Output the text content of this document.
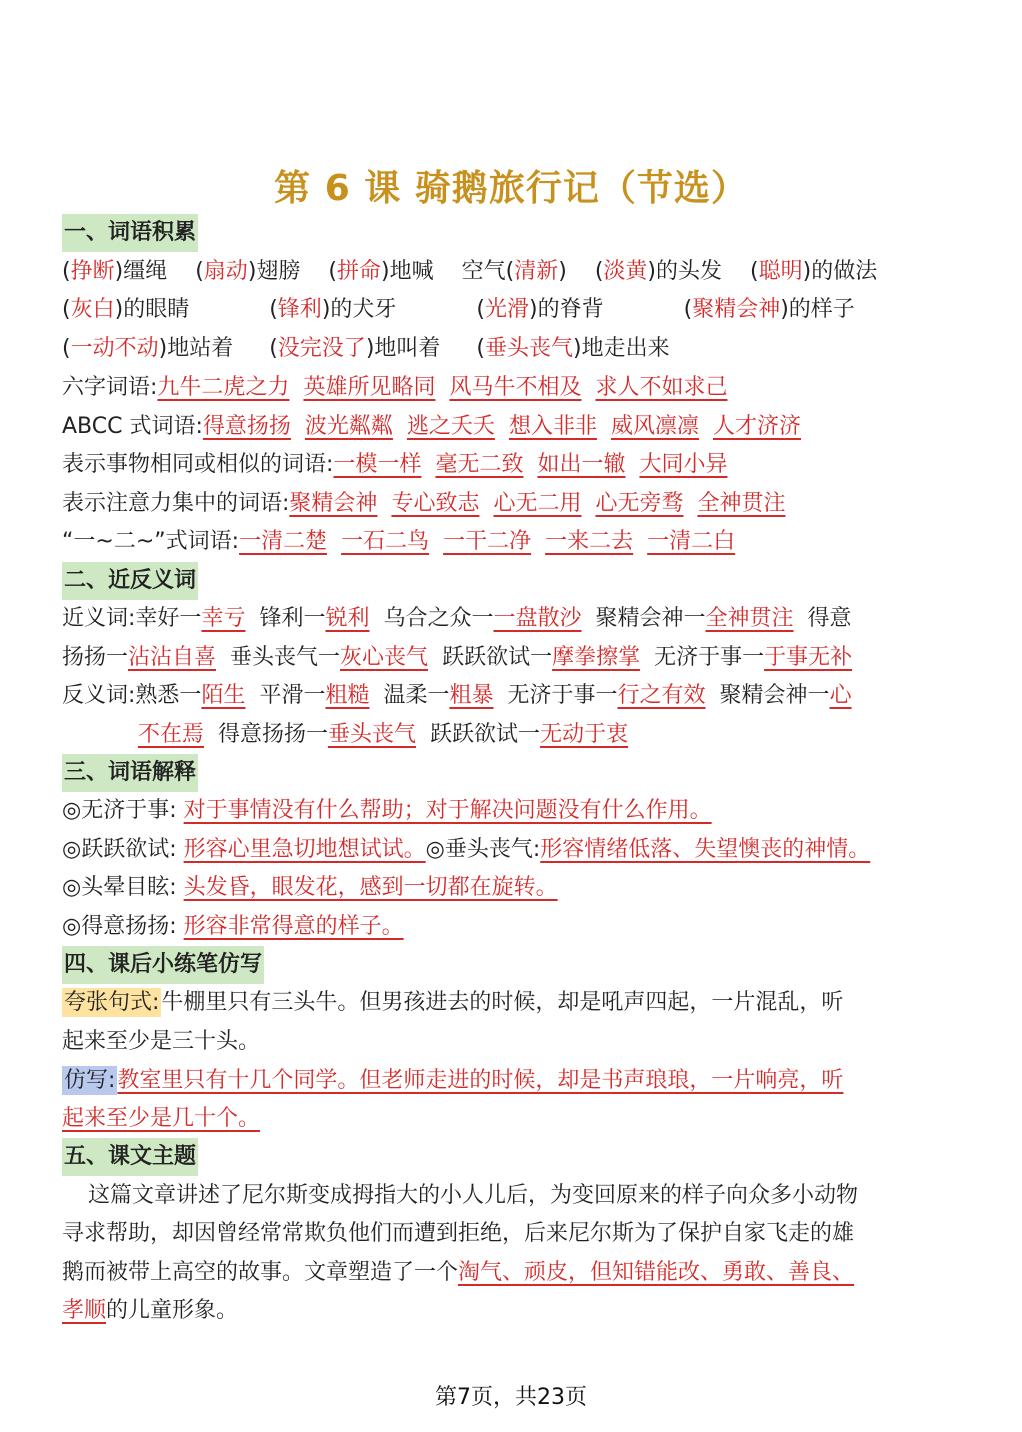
第 6 课 骑鹅旅行记（节选）
一、词语积累
(挣断)缰绳 (扇动)翅膀 (拼命)地喊 空气(清新) (淡黄)的头发 (聪明)的做法
(灰白)的眼睛	(锋利)的犬牙	(光滑)的脊背	(聚精会神)的样子
(一动不动)地站着 (没完没了)地叫着 (垂头丧气)地走出来
六字词语:九牛二虎之力 英雄所见略同 风马牛不相及 求人不如求己
ABCC 式词语:得意扬扬 波光粼粼 逃之夭夭 想入非非 威风凛凛 人才济济
表示事物相同或相似的词语:一模一样 毫无二致 如出一辙 大同小异
表示注意力集中的词语:聚精会神 专心致志 心无二用 心无旁骛 全神贯注
“一~二~”式词语:一清二楚 一石二鸟 一干二净 一来二去 一清二白
二、近反义词
近义词:幸好一幸亏 锋利一锐利 乌合之众一一盘散沙 聚精会神一全神贯注 得意
扬扬一沾沾自喜 垂头丧气一灰心丧气 跃跃欲试一摩拳擦掌 无济于事一于事无补
反义词:熟悉一陌生 平滑一粗糙 温柔一粗暴 无济于事一行之有效 聚精会神一心
不在焉 得意扬扬一垂头丧气 跃跃欲试一无动于衷
三、词语解释
◎无济于事: 对于事情没有什么帮助；对于解决问题没有什么作用。
◎跃跃欲试: 形容心里急切地想试试。◎垂头丧气:形容情绪低落、失望懊丧的神情。
◎头晕目眩: 头发昏，眼发花，感到一切都在旋转。
◎得意扬扬: 形容非常得意的样子。
四、课后小练笔仿写
夸张句式:牛棚里只有三头牛。但男孩进去的时候，却是吼声四起，一片混乱，听
起来至少是三十头。
仿写:教室里只有十几个同学。但老师走进的时候，却是书声琅琅，一片响亮，听
起来至少是几十个。
五、课文主题
这篇文章讲述了尼尔斯变成拇指大的小人儿后，为变回原来的样子向众多小动物
寻求帮助，却因曾经常常欺负他们而遭到拒绝，后来尼尔斯为了保护自家飞走的雄
鹅而被带上高空的故事。文章塑造了一个淘气、顽皮，但知错能改、勇敢、善良、
孝顺的儿童形象。
第7页，共23页
